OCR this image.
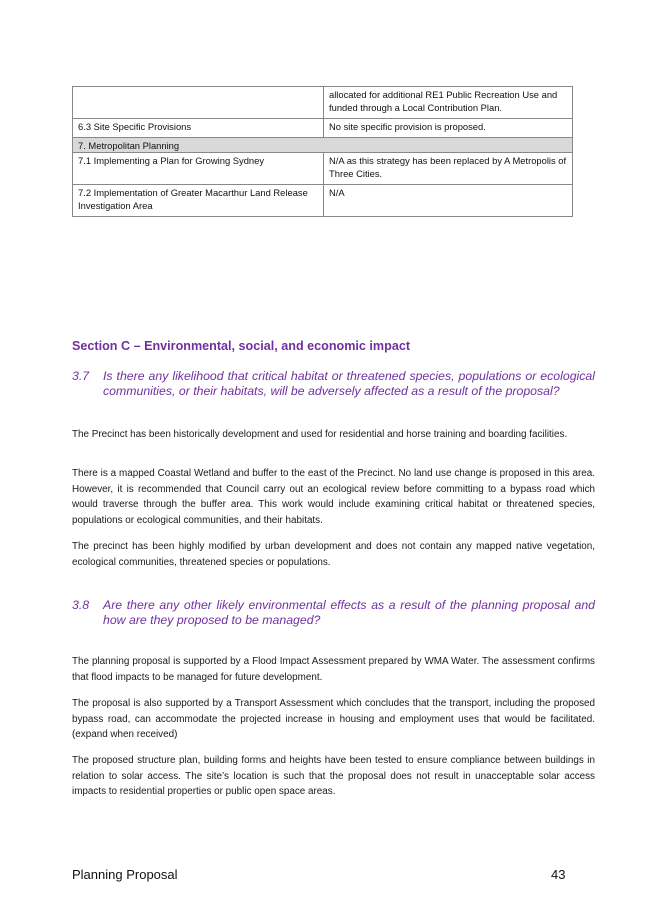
	allocated for additional RE1 Public Recreation Use and funded through a Local Contribution Plan.
6.3 Site Specific Provisions	No site specific provision is proposed.
7. Metropolitan Planning	
7.1 Implementing a Plan for Growing Sydney	N/A as this strategy has been replaced by A Metropolis of Three Cities.
7.2 Implementation of Greater Macarthur Land Release Investigation Area	N/A
Section C – Environmental, social, and economic impact
3.7 Is there any likelihood that critical habitat or threatened species, populations or ecological communities, or their habitats, will be adversely affected as a result of the proposal?

The Precinct has been historically development and used for residential and horse training and boarding facilities.

There is a mapped Coastal Wetland and buffer to the east of the Precinct. No land use change is proposed in this area. However, it is recommended that Council carry out an ecological review before committing to a bypass road which would traverse through the buffer area. This work would include examining critical habitat or threatened species, populations or ecological communities, and their habitats.

The precinct has been highly modified by urban development and does not contain any mapped native vegetation, ecological communities, threatened species or populations.

3.8 Are there any other likely environmental effects as a result of the planning proposal and how are they proposed to be managed?

The planning proposal is supported by a Flood Impact Assessment prepared by WMA Water. The assessment confirms that flood impacts to be managed for future development.

The proposal is also supported by a Transport Assessment which concludes that the transport, including the proposed bypass road, can accommodate the projected increase in housing and employment uses that would be facilitated. (expand when received)

The proposed structure plan, building forms and heights have been tested to ensure compliance between buildings in relation to solar access. The site’s location is such that the proposal does not result in unacceptable solar access impacts to residential properties or public open space areas.

Planning Proposal	43
